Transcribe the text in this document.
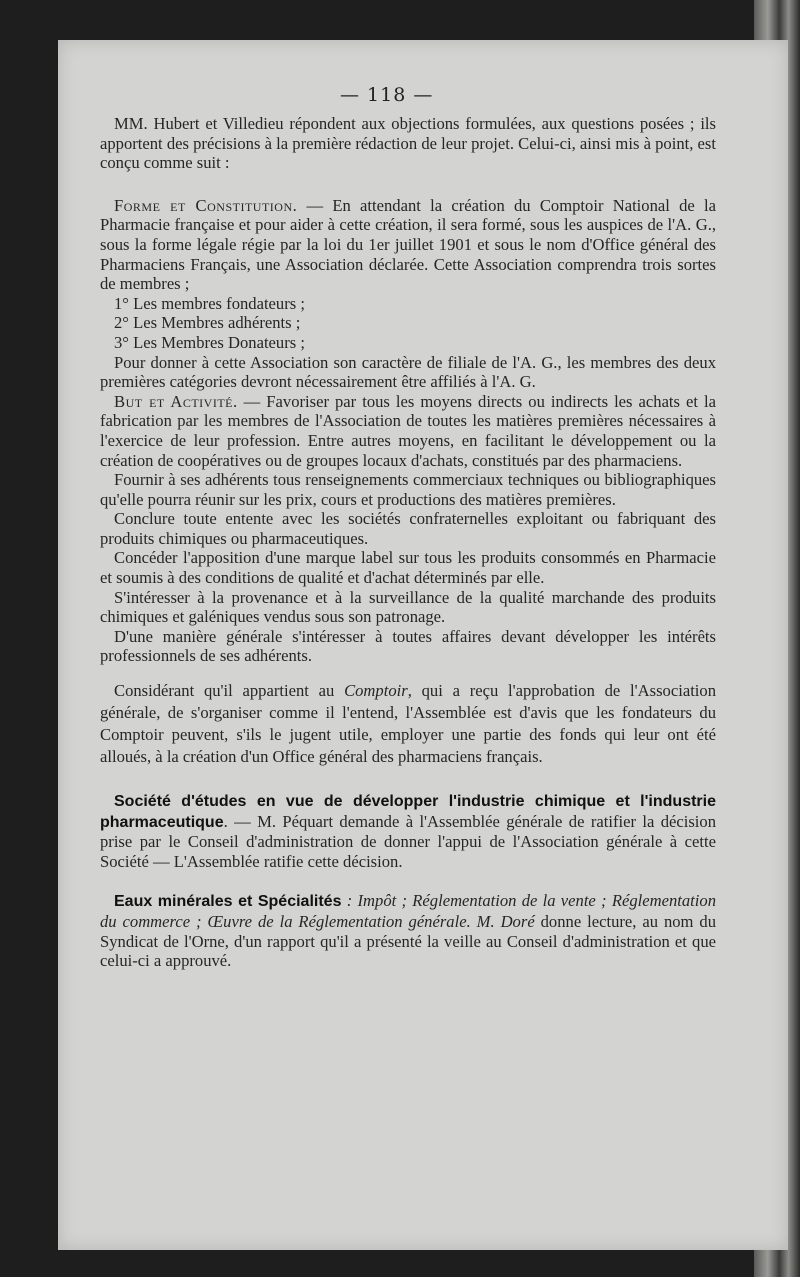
— 118 —

MM. Hubert et Villedieu répondent aux objections formulées, aux questions posées ; ils apportent des précisions à la première rédaction de leur projet. Celui-ci, ainsi mis à point, est conçu comme suit :

Forme et Constitution. — En attendant la création du Comptoir National de la Pharmacie française et pour aider à cette création, il sera formé, sous les auspices de l'A. G., sous la forme légale régie par la loi du 1er juillet 1901 et sous le nom d'Office général des Pharmaciens Français, une Association déclarée. Cette Association comprendra trois sortes de membres ;

1° Les membres fondateurs ;
2° Les Membres adhérents ;
3° Les Membres Donateurs ;

Pour donner à cette Association son caractère de filiale de l'A. G., les membres des deux premières catégories devront nécessairement être affiliés à l'A. G.

But et Activité. — Favoriser par tous les moyens directs ou indirects les achats et la fabrication par les membres de l'Association de toutes les matières premières nécessaires à l'exercice de leur profession. Entre autres moyens, en facilitant le développement ou la création de coopératives ou de groupes locaux d'achats, constitués par des pharmaciens.

Fournir à ses adhérents tous renseignements commerciaux techniques ou bibliographiques qu'elle pourra réunir sur les prix, cours et productions des matières premières.

Conclure toute entente avec les sociétés confraternelles exploitant ou fabriquant des produits chimiques ou pharmaceutiques.

Concéder l'apposition d'une marque label sur tous les produits consommés en Pharmacie et soumis à des conditions de qualité et d'achat déterminés par elle.

S'intéresser à la provenance et à la surveillance de la qualité marchande des produits chimiques et galéniques vendus sous son patronage.

D'une manière générale s'intéresser à toutes affaires devant développer les intérêts professionnels de ses adhérents.

Considérant qu'il appartient au Comptoir, qui a reçu l'approbation de l'Association générale, de s'organiser comme il l'entend, l'Assemblée est d'avis que les fondateurs du Comptoir peuvent, s'ils le jugent utile, employer une partie des fonds qui leur ont été alloués, à la création d'un Office général des pharmaciens français.

Société d'études en vue de développer l'industrie chimique et l'industrie pharmaceutique. — M. Péquart demande à l'Assemblée générale de ratifier la décision prise par le Conseil d'administration de donner l'appui de l'Association générale à cette Société — L'Assemblée ratifie cette décision.

Eaux minérales et Spécialités : Impôt ; Réglementation de la vente ; Réglementation du commerce ; Œuvre de la Réglementation générale. M. Doré donne lecture, au nom du Syndicat de l'Orne, d'un rapport qu'il a présenté la veille au Conseil d'administration et que celui-ci a approuvé.
